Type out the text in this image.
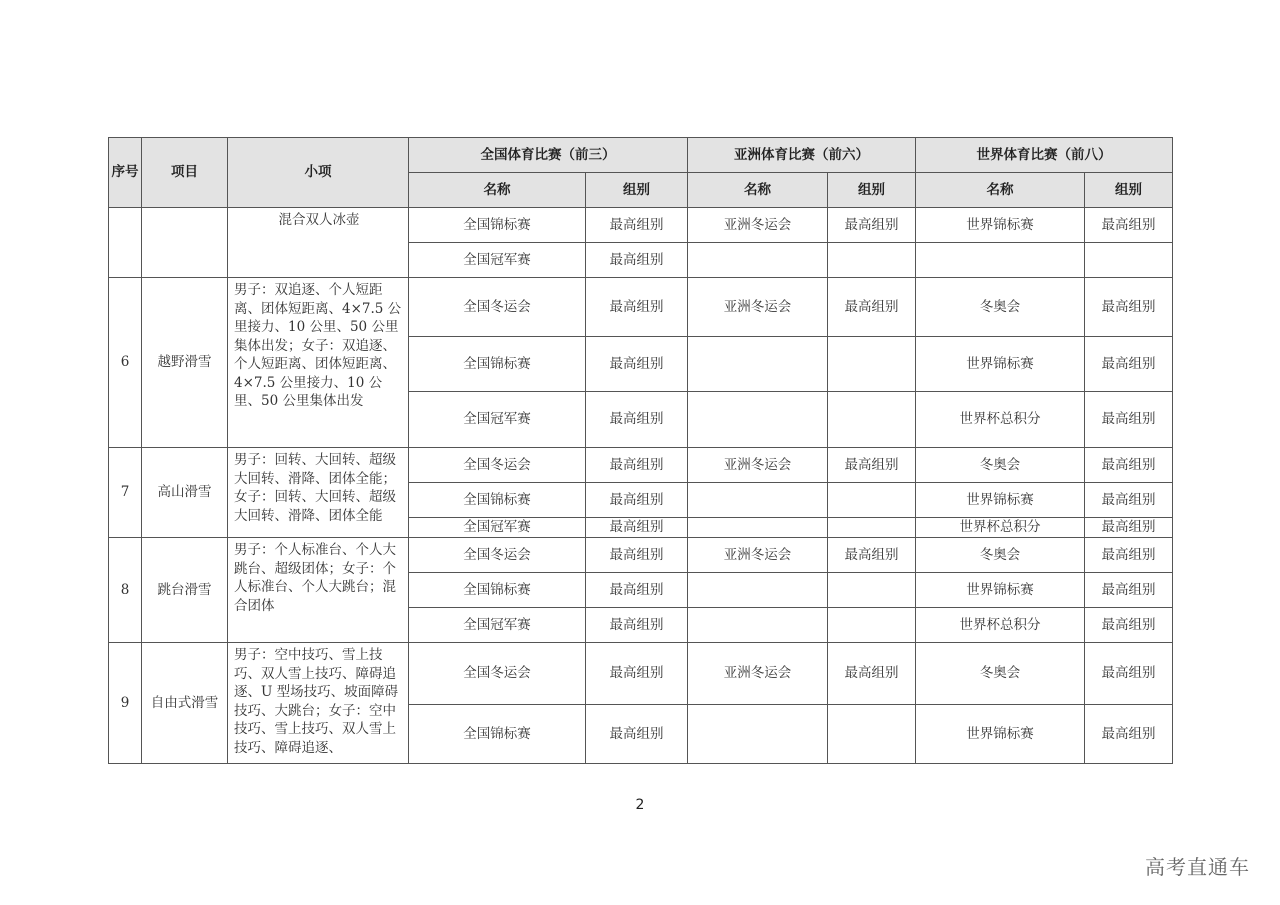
序号	项目	小项	全国体育比赛（前三）		亚洲体育比赛（前六）		世界体育比赛（前八）	
			名称	组别	名称	组别	名称	组别
		混合双人冰壶	全国锦标赛	最高组别	亚洲冬运会	最高组别	世界锦标赛	最高组别
			全国冠军赛	最高组别				
6	越野滑雪	男子：双追逐、个人短距离、团体短距离、4×7.5 公里接力、10 公里、50 公里集体出发；女子：双追逐、个人短距离、团体短距离、4×7.5 公里接力、10 公里、50 公里集体出发	全国冬运会	最高组别	亚洲冬运会	最高组别	冬奥会	最高组别
			全国锦标赛	最高组别			世界锦标赛	最高组别
			全国冠军赛	最高组别			世界杯总积分	最高组别
7	高山滑雪	男子：回转、大回转、超级大回转、滑降、团体全能；女子：回转、大回转、超级大回转、滑降、团体全能	全国冬运会	最高组别	亚洲冬运会	最高组别	冬奥会	最高组别
			全国锦标赛	最高组别			世界锦标赛	最高组别
			全国冠军赛	最高组别			世界杯总积分	最高组别
8	跳台滑雪	男子：个人标准台、个人大跳台、超级团体；女子：个人标准台、个人大跳台；混合团体	全国冬运会	最高组别	亚洲冬运会	最高组别	冬奥会	最高组别
			全国锦标赛	最高组别			世界锦标赛	最高组别
			全国冠军赛	最高组别			世界杯总积分	最高组别
9	自由式滑雪	男子：空中技巧、雪上技巧、双人雪上技巧、障碍追逐、U 型场技巧、坡面障碍技巧、大跳台；女子：空中技巧、雪上技巧、双人雪上技巧、障碍追逐、	全国冬运会	最高组别	亚洲冬运会	最高组别	冬奥会	最高组别
			全国锦标赛	最高组别			世界锦标赛	最高组别
2
高考直通车
